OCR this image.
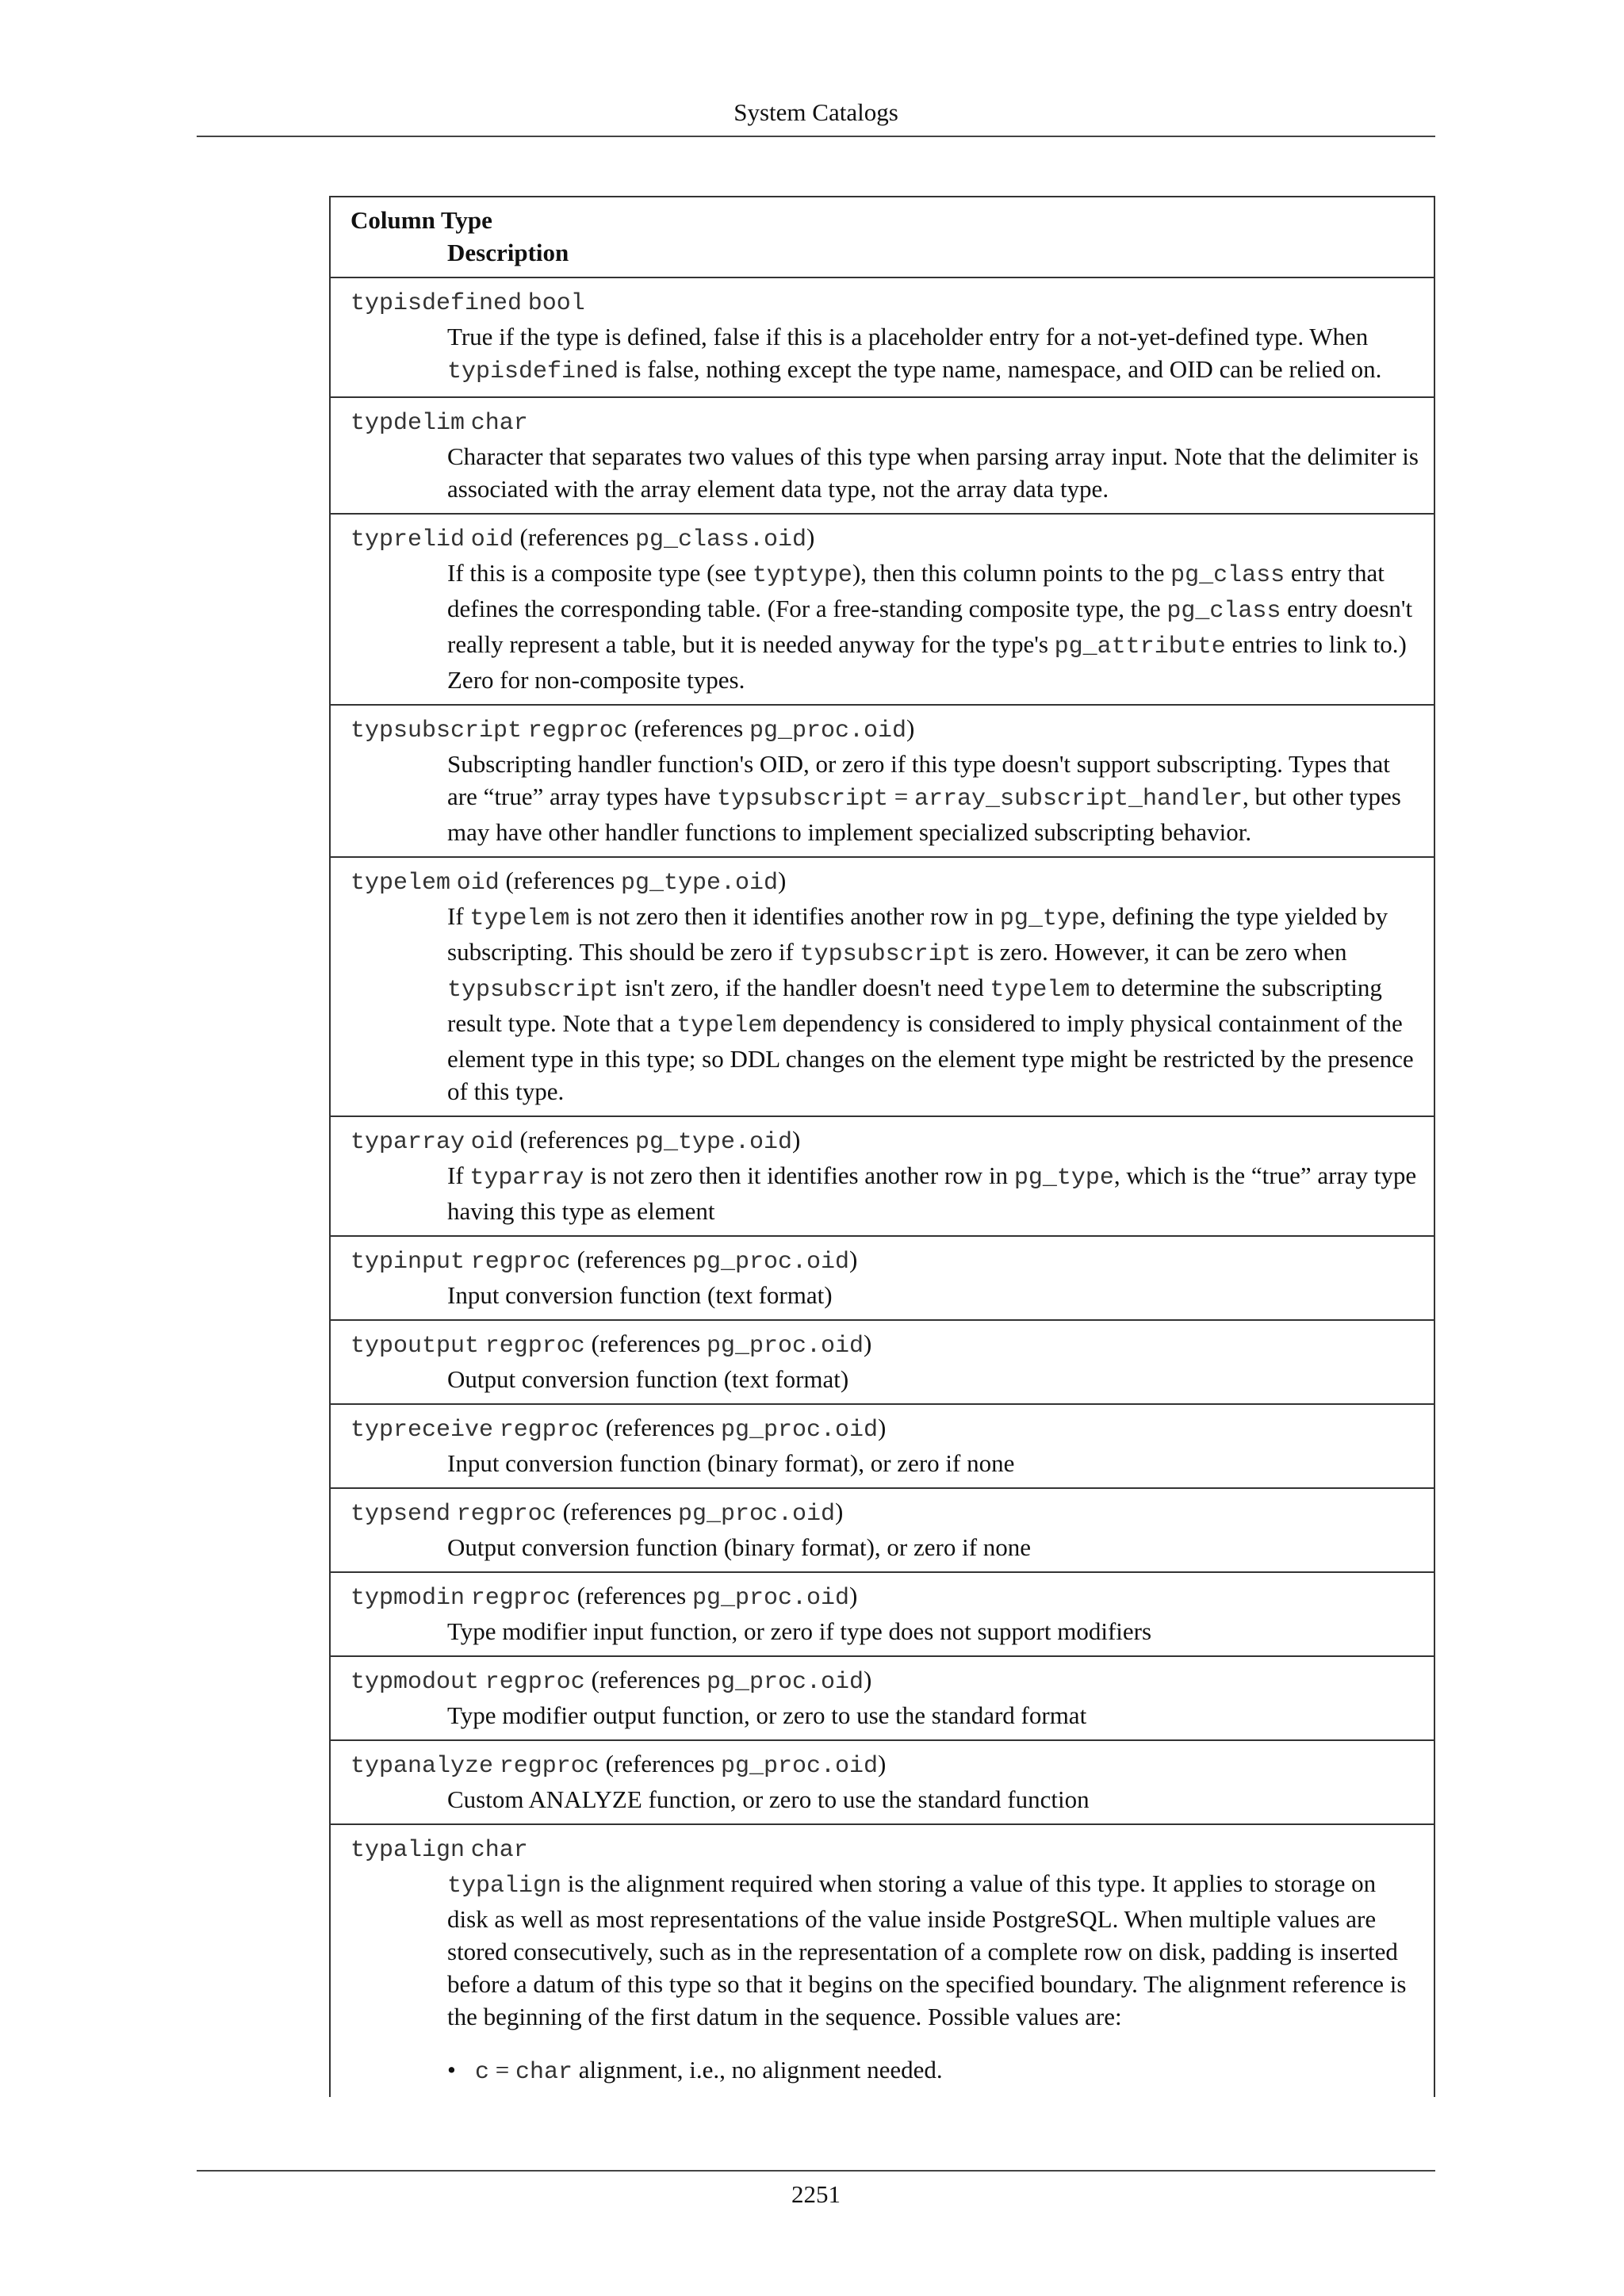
System Catalogs
Column Type
Description

typisdefined bool
True if the type is defined, false if this is a placeholder entry for a not-yet-defined type. When typisdefined is false, nothing except the type name, namespace, and OID can be relied on.

typdelim char
Character that separates two values of this type when parsing array input. Note that the delimiter is associated with the array element data type, not the array data type.

typrelid oid (references pg_class.oid)
If this is a composite type (see typtype), then this column points to the pg_class entry that defines the corresponding table. (For a free-standing composite type, the pg_class entry doesn't really represent a table, but it is needed anyway for the type's pg_attribute entries to link to.) Zero for non-composite types.

typsubscript regproc (references pg_proc.oid)
Subscripting handler function's OID, or zero if this type doesn't support subscripting. Types that are “true” array types have typsubscript = array_subscript_handler, but other types may have other handler functions to implement specialized subscripting behavior.

typelem oid (references pg_type.oid)
If typelem is not zero then it identifies another row in pg_type, defining the type yielded by subscripting. This should be zero if typsubscript is zero. However, it can be zero when typsubscript isn't zero, if the handler doesn't need typelem to determine the subscripting result type. Note that a typelem dependency is considered to imply physical containment of the element type in this type; so DDL changes on the element type might be restricted by the presence of this type.

typarray oid (references pg_type.oid)
If typarray is not zero then it identifies another row in pg_type, which is the “true” array type having this type as element

typinput regproc (references pg_proc.oid)
Input conversion function (text format)

typoutput regproc (references pg_proc.oid)
Output conversion function (text format)

typreceive regproc (references pg_proc.oid)
Input conversion function (binary format), or zero if none

typsend regproc (references pg_proc.oid)
Output conversion function (binary format), or zero if none

typmodin regproc (references pg_proc.oid)
Type modifier input function, or zero if type does not support modifiers

typmodout regproc (references pg_proc.oid)
Type modifier output function, or zero to use the standard format

typanalyze regproc (references pg_proc.oid)
Custom ANALYZE function, or zero to use the standard function

typalign char
typalign is the alignment required when storing a value of this type. It applies to storage on disk as well as most representations of the value inside PostgreSQL. When multiple values are stored consecutively, such as in the representation of a complete row on disk, padding is inserted before a datum of this type so that it begins on the specified boundary. The alignment reference is the beginning of the first datum in the sequence. Possible values are:
• c = char alignment, i.e., no alignment needed.
2251
